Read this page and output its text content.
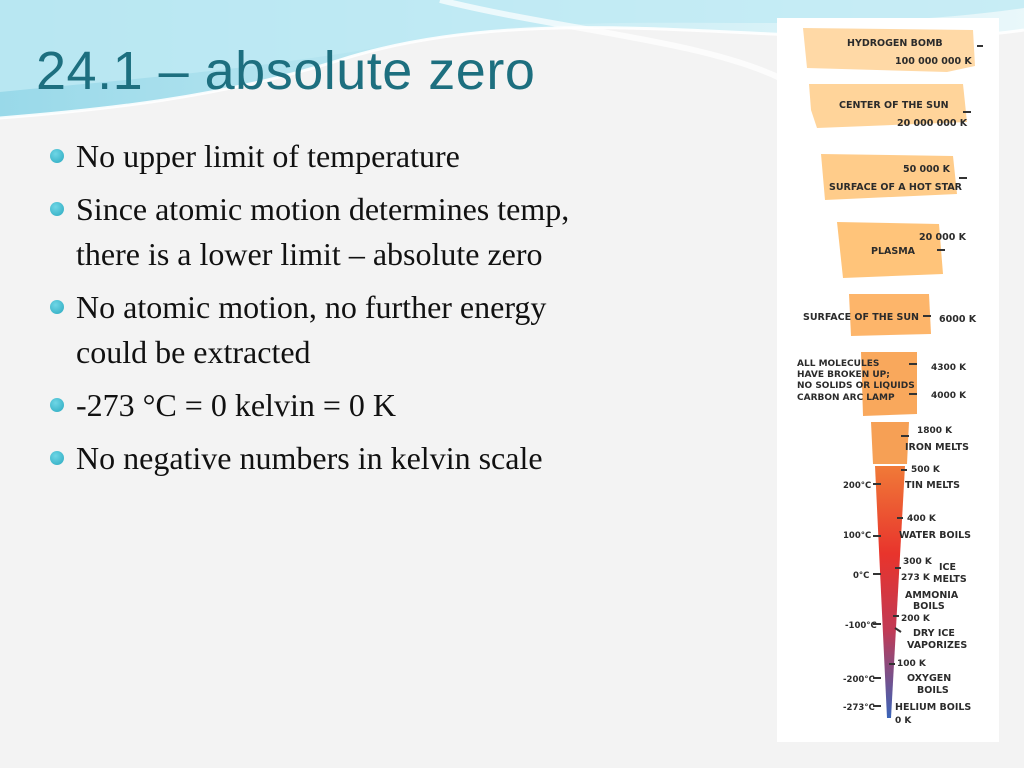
24.1 – absolute zero
No upper limit of temperature
Since atomic motion determines temp,
there is a lower limit – absolute zero
No atomic motion, no further energy
could be extracted
-273 °C = 0 kelvin = 0 K
No negative numbers in kelvin scale
HYDROGEN BOMB
100 000 000 K
CENTER OF THE SUN
20 000 000 K
50 000 K
SURFACE OF A HOT STAR
PLASMA
20 000 K
SURFACE OF THE SUN 6000 K
ALL MOLECULES
HAVE BROKEN UP;
NO SOLIDS OR LIQUIDS
CARBON ARC LAMP
4300 K
4000 K
1800 K
IRON MELTS
500 K
TIN MELTS
200°C
400 K
WATER BOILS
100°C
300 K ICE
0°C	273 K MELTS
AMMONIA
BOILS
200 K
-100°C
DRY ICE
VAPORIZES
100 K
OXYGEN
BOILS
-200°C
-273°C HELIUM BOILS
0 K
